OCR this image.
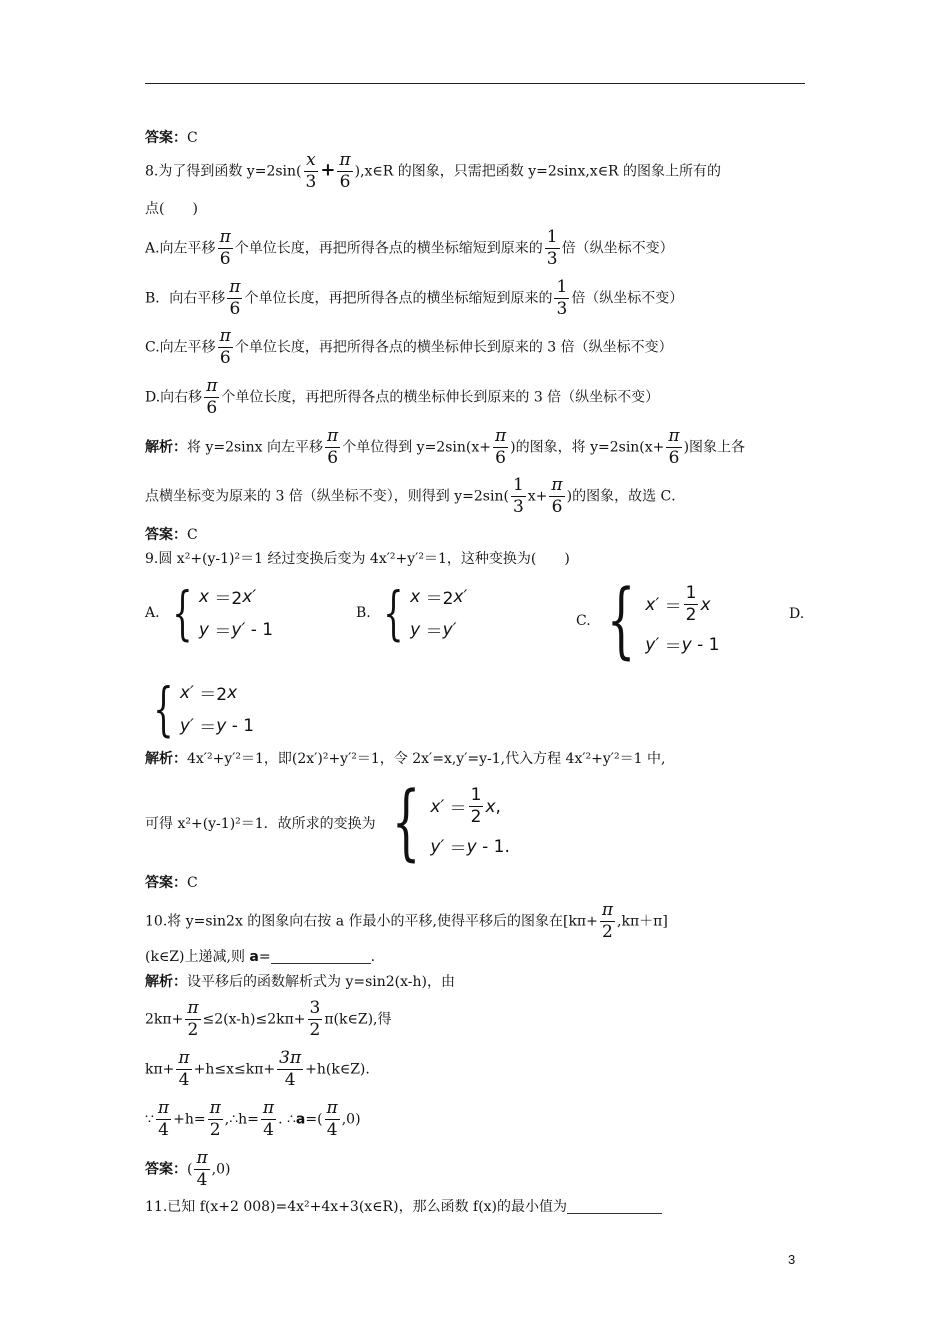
答案：C
8.为了得到函数 $y=2\sin( \frac{x}{3} + \frac{\pi}{6}$ ),x∈R 的图象，只需把函数 y=2sinx,x∈R 的图象上所有的
点(　　)
A.向左平移 $\frac{\pi}{6}$ 个单位长度，再把所得各点的横坐标缩短到原来的 $\frac{1}{3}$ 倍（纵坐标不变）
B．向右平移 $\frac{\pi}{6}$ 个单位长度，再把所得各点的横坐标缩短到原来的 $\frac{1}{3}$ 倍（纵坐标不变）
C.向左平移 $\frac{\pi}{6}$ 个单位长度，再把所得各点的横坐标伸长到原来的 3 倍（纵坐标不变）
D.向右移 $\frac{\pi}{6}$ 个单位长度，再把所得各点的横坐标伸长到原来的 3 倍（纵坐标不变）
解析：将 y=2sinx 向左平移 $\frac{\pi}{6}$ 个单位得到 $y=2\sin(x+ \frac{\pi}{6}$ )的图象，将 $y=2\sin(x+ \frac{\pi}{6}$ )图象上各
点横坐标变为原来的 3 倍（纵坐标不变），则得到 $y=2\sin( \frac{1}{3} x+ \frac{\pi}{6}$ )的图象，故选 C．
答案：C
9.圆 x²+(y-1)²＝1 经过变换后变为 4x′²+y′²＝1，这种变换为(　　)
A. { x
＝2 x′
y
＝ y′
- 1
B. { x
＝2 x′
y
＝ y′	C. { x′
＝
1
2
x
y′
＝ y
- 1
D.
{ x′
＝2 x
y′
＝ y
- 1
解析：4x′²+y′²＝1，即(2x′)²+y′²＝1，令 2x′=x,y′=y-1,代入方程 4x′²+y′²＝1 中,
可得 x²+(y-1)²＝1．故所求的变换为 { x′
＝
1
2
x ,
y′
＝ y
- 1 .
答案：C
10.将 y=sin2x 的图象向右按 a 作最小的平移,使得平移后的图象在$[k\pi+ \frac{\pi}{2} ,k\pi+\pi]$
(k∈Z)上递减,则 a=	.
解析：设平移后的函数解析式为 y=sin2(x-h)，由
$2k\pi+ \frac{\pi}{2} \le 2(x-h)\le 2k\pi+ \frac{3}{2}$ π(k∈Z),得
$k\pi+ \frac{\pi}{4} +h\le x\le k\pi+ \frac{3\pi}{4}$ +h(k∈Z).
∵ $\frac{\pi}{4} +h= \frac{\pi}{2}$ ,∴h= $\frac{\pi}{4}$ . ∴a=( $\frac{\pi}{4} ,0$)
答案：( $\frac{\pi}{4} ,0$)
11.已知 f(x+2 008)=4x²+4x+3(x∈R)，那么函数 f(x)的最小值为
3
